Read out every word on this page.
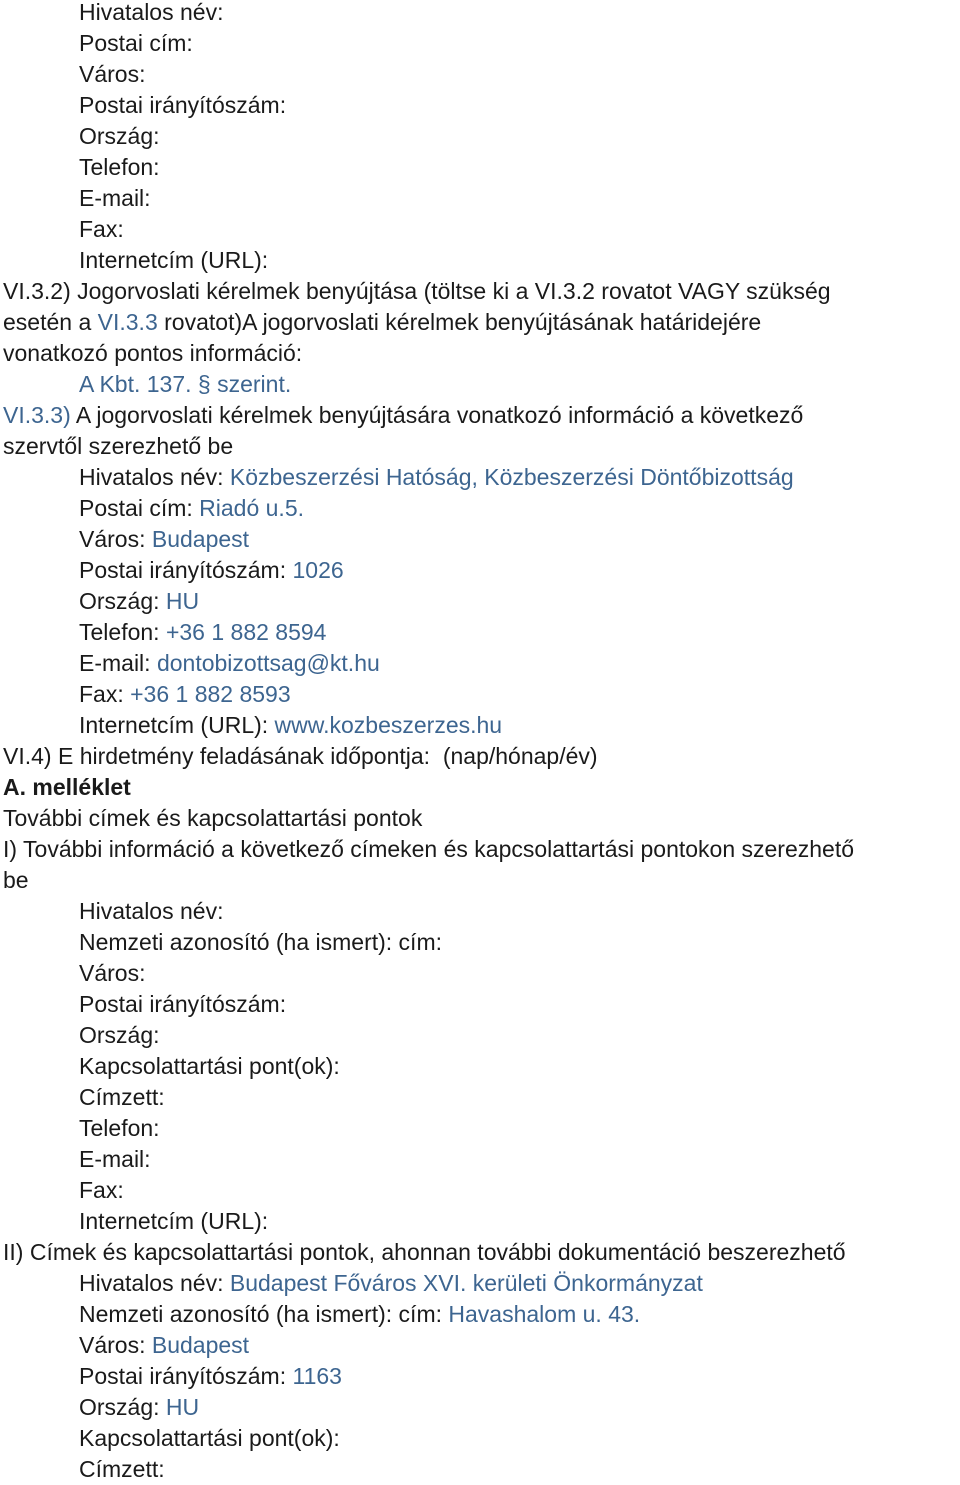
Hivatalos név:
Postai cím:
Város:
Postai irányítószám:
Ország:
Telefon:
E-mail:
Fax:
Internetcím (URL):
VI.3.2) Jogorvoslati kérelmek benyújtása (töltse ki a VI.3.2 rovatot VAGY szükség
esetén a VI.3.3 rovatot)A jogorvoslati kérelmek benyújtásának határidejére
vonatkozó pontos információ:
A Kbt. 137. § szerint.
VI.3.3) A jogorvoslati kérelmek benyújtására vonatkozó információ a következő
szervtől szerezhető be
Hivatalos név: Közbeszerzési Hatóság, Közbeszerzési Döntőbizottság
Postai cím: Riadó u.5.
Város: Budapest
Postai irányítószám: 1026
Ország: HU
Telefon: +36 1 882 8594
E-mail: dontobizottsag@kt.hu
Fax: +36 1 882 8593
Internetcím (URL): www.kozbeszerzes.hu
VI.4) E hirdetmény feladásának időpontja: (nap/hónap/év)
A. melléklet
További címek és kapcsolattartási pontok
I) További információ a következő címeken és kapcsolattartási pontokon szerezhető
be
Hivatalos név:
Nemzeti azonosító (ha ismert): cím:
Város:
Postai irányítószám:
Ország:
Kapcsolattartási pont(ok):
Címzett:
Telefon:
E-mail:
Fax:
Internetcím (URL):
II) Címek és kapcsolattartási pontok, ahonnan további dokumentáció beszerezhető
Hivatalos név: Budapest Főváros XVI. kerületi Önkormányzat
Nemzeti azonosító (ha ismert): cím: Havashalom u. 43.
Város: Budapest
Postai irányítószám: 1163
Ország: HU
Kapcsolattartási pont(ok):
Címzett:
